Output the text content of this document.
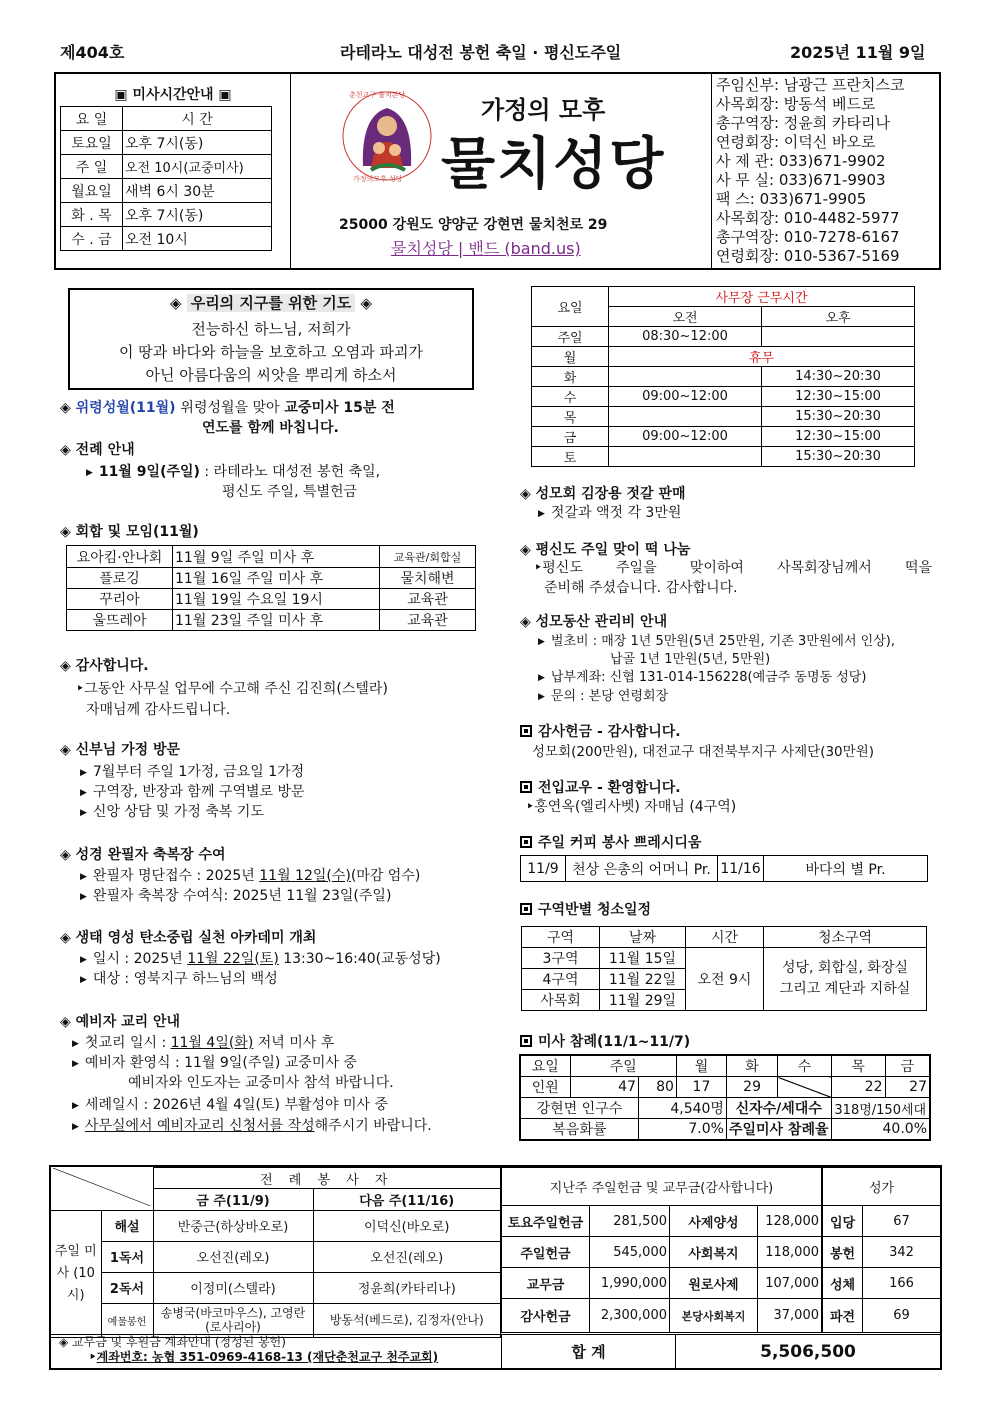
제404호	라테라노 대성전 봉헌 축일 · 평신도주일	2025년 11월 9일
▣ 미사시간안내 ▣
요 일	시 간
토요일	오후 7시(동)
주 일	오전 10시(교중미사)
월요일	새벽 6시 30분
화 . 목	오후 7시(동)
수 . 금	오전 10시
춘천교구 물치본당
가정의모후 성당
가정의 모후
물치성당
25000 강원도 양양군 강현면 물치천로 29
물치성당 | 밴드 (band.us)
주임신부: 남광근 프란치스코
사목회장: 방동석 베드로
총구역장: 정윤희 카타리나
연령회장: 이덕신 바오로
사 제 관: 033)671-9902
사 무 실: 033)671-9903
팩 스: 033)671-9905
사목회장: 010-4482-5977
총구역장: 010-7278-6167
연령회장: 010-5367-5169
◈ 우리의 지구를 위한 기도 ◈
전능하신 하느님, 저희가
이 땅과 바다와 하늘을 보호하고 오염과 파괴가
아닌 아름다움의 씨앗을 뿌리게 하소서
◈ 위령성월(11월) 위령성월을 맞아 교중미사 15분 전
연도를 함께 바칩니다.
◈ 전례 안내
▶ 11월 9일(주일) : 라테라노 대성전 봉헌 축일,
평신도 주일, 특별헌금
◈ 회합 및 모임(11월)
요아킴·안나회	11월 9일 주일 미사 후	교육관/회합실
플로깅	11월 16일 주일 미사 후	물치해변
꾸리아	11월 19일 수요일 19시	교육관
울뜨레아	11월 23일 주일 미사 후	교육관
◈ 감사합니다.
‣그동안 사무실 업무에 수고해 주신 김진희(스텔라)
자매님께 감사드립니다.
◈ 신부님 가정 방문
▶ 7월부터 주일 1가정, 금요일 1가정
▶ 구역장, 반장과 함께 구역별로 방문
▶ 신앙 상담 및 가정 축복 기도
◈ 성경 완필자 축복장 수여
▶ 완필자 명단접수 : 2025년 11월 12일(수)(마감 엄수)
▶ 완필자 축복장 수여식: 2025년 11월 23일(주일)
◈ 생태 영성 탄소중립 실천 아카데미 개최
▶ 일시 : 2025년 11월 22일(토) 13:30~16:40(교동성당)
▶ 대상 : 영북지구 하느님의 백성
◈ 예비자 교리 안내
▶ 첫교리 일시 : 11월 4일(화) 저녁 미사 후
▶ 예비자 환영식 : 11월 9일(주일) 교중미사 중
예비자와 인도자는 교중미사 참석 바랍니다.
▶ 세례일시 : 2026년 4월 4일(토) 부활성야 미사 중
▶ 사무실에서 예비자교리 신청서를 작성해주시기 바랍니다.
요일	사무장 근무시간	
	오전	오후
주일	08:30~12:00	
월	휴무	
화		14:30~20:30
수	09:00~12:00	12:30~15:00
목		15:30~20:30
금	09:00~12:00	12:30~15:00
토		15:30~20:30
◈ 성모회 김장용 젓갈 판매
▶ 젓갈과 액젓 각 3만원
◈ 평신도 주일 맞이 떡 나눔
‣평신도 주일을 맞이하여 사목회장님께서 떡을
준비해 주셨습니다. 감사합니다.
◈ 성모동산 관리비 안내
▶ 벌초비 : 매장 1년 5만원(5년 25만원, 기존 3만원에서 인상),
납골 1년 1만원(5년, 5만원)
▶ 납부계좌: 신협 131-014-156228(예금주 동명동 성당)
▶ 문의 : 본당 연령회장
감사헌금 - 감사합니다.
성모회(200만원), 대전교구 대전북부지구 사제단(30만원)
전입교우 - 환영합니다.
‣홍연옥(엘리사벳) 자매님 (4구역)
주일 커피 봉사 쁘레시디움
11/9	천상 은총의 어머니 Pr.	11/16	바다의 별 Pr.
구역반별 청소일정
구역	날짜	시간	청소구역
3구역	11월 15일	오전 9시	성당, 회합실, 화장실
그리고 계단과 지하실

4구역	11월 22일		
사목회	11월 29일		
미사 참례(11/1~11/7)
요일	주일		월	화	수	목	금
인원	47	80	17	29		22	27
강현면 인구수		4,540명		신자수/세대수		318명/150세대	
복음화률		7.0%		주일미사 참례율		40.0%	
	전 례 봉 사 자	
		금 주(11/9)	다음 주(11/16)
주일 미사 (10시)	해설	반중근(하상바오로)	이덕신(바오로)
	1독서	오선진(레오)	오선진(레오)
	2독서	이정미(스텔라)	정윤희(카타리나)
	예물봉헌	송병국(바코마우스), 고영란(로사리아)	방동석(베드로), 김정자(안나)
지난주 주일헌금 및 교무금(감사합니다)			
토요주일헌금	281,500	사제양성	128,000
주일헌금	545,000	사회복지	118,000
교무금	1,990,000	원로사제	107,000
감사헌금	2,300,000	본당사회복지	37,000
성가	
입당	67
봉헌	342
성체	166
파견	69
◈ 교무금 및 후원금 계좌안내 (정성된 봉헌)
‣계좌번호: 농협 351-0969-4168-13 (재단춘천교구 천주교회)	합 계	5,506,500
